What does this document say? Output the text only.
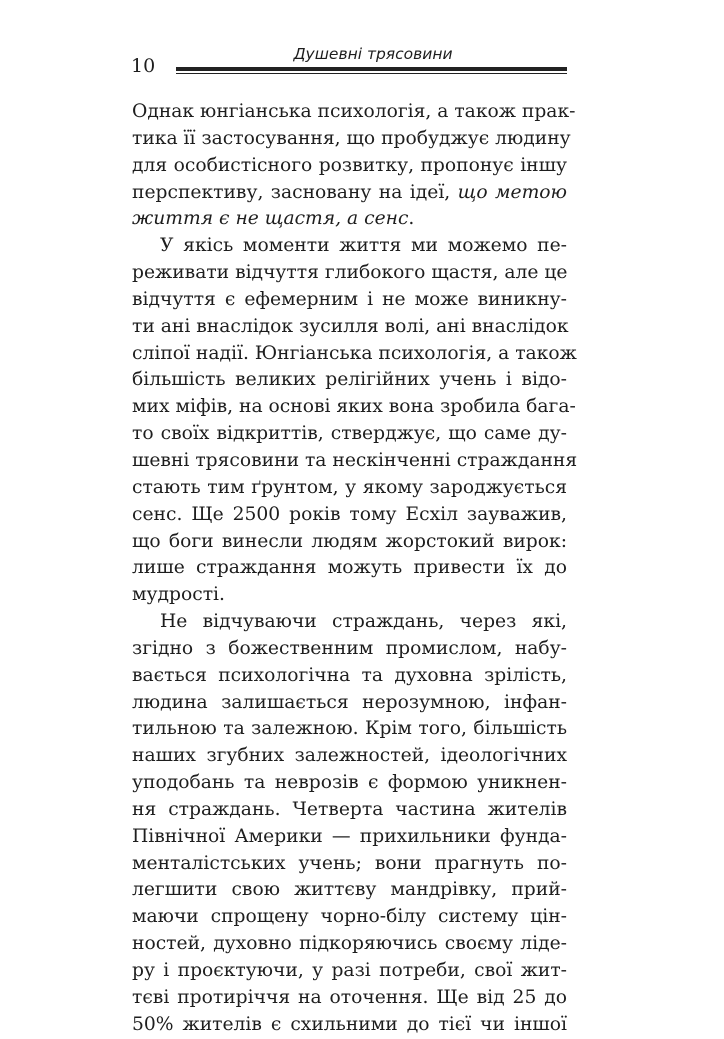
10

Душевні трясовини

Однак юнгіанська психологія, а також прак-
тика її застосування, що пробуджує людину
для особистісного розвитку, пропонує іншу
перспективу, засновану на ідеї, що метою
життя є не щастя, а сенс.
У якісь моменти життя ми можемо пе-
реживати відчуття глибокого щастя, але це
відчуття є ефемерним і не може виникну-
ти ані внаслідок зусилля волі, ані внаслідок
сліпої надії. Юнгіанська психологія, а також
більшість великих релігійних учень і відо-
мих міфів, на основі яких вона зробила бага-
то своїх відкриттів, стверджує, що саме ду-
шевні трясовини та нескінченні страждання
стають тим ґрунтом, у якому зароджується
сенс. Ще 2500 років тому Есхіл зауважив,
що боги винесли людям жорстокий вирок:
лише страждання можуть привести їх до
мудрості.
Не відчуваючи страждань, через які,
згідно з божественним промислом, набу-
вається психологічна та духовна зрілість,
людина залишається нерозумною, інфан-
тильною та залежною. Крім того, більшість
наших згубних залежностей, ідеологічних
уподобань та неврозів є формою уникнен-
ня страждань. Четверта частина жителів
Північної Америки — прихильники фунда-
менталістських учень; вони прагнуть по-
легшити свою життєву мандрівку, прий-
маючи спрощену чорно-білу систему цін-
ностей, духовно підкоряючись своєму ліде-
ру і проєктуючи, у разі потреби, свої жит-
тєві протиріччя на оточення. Ще від 25 до
50% жителів є схильними до тієї чи іншої
